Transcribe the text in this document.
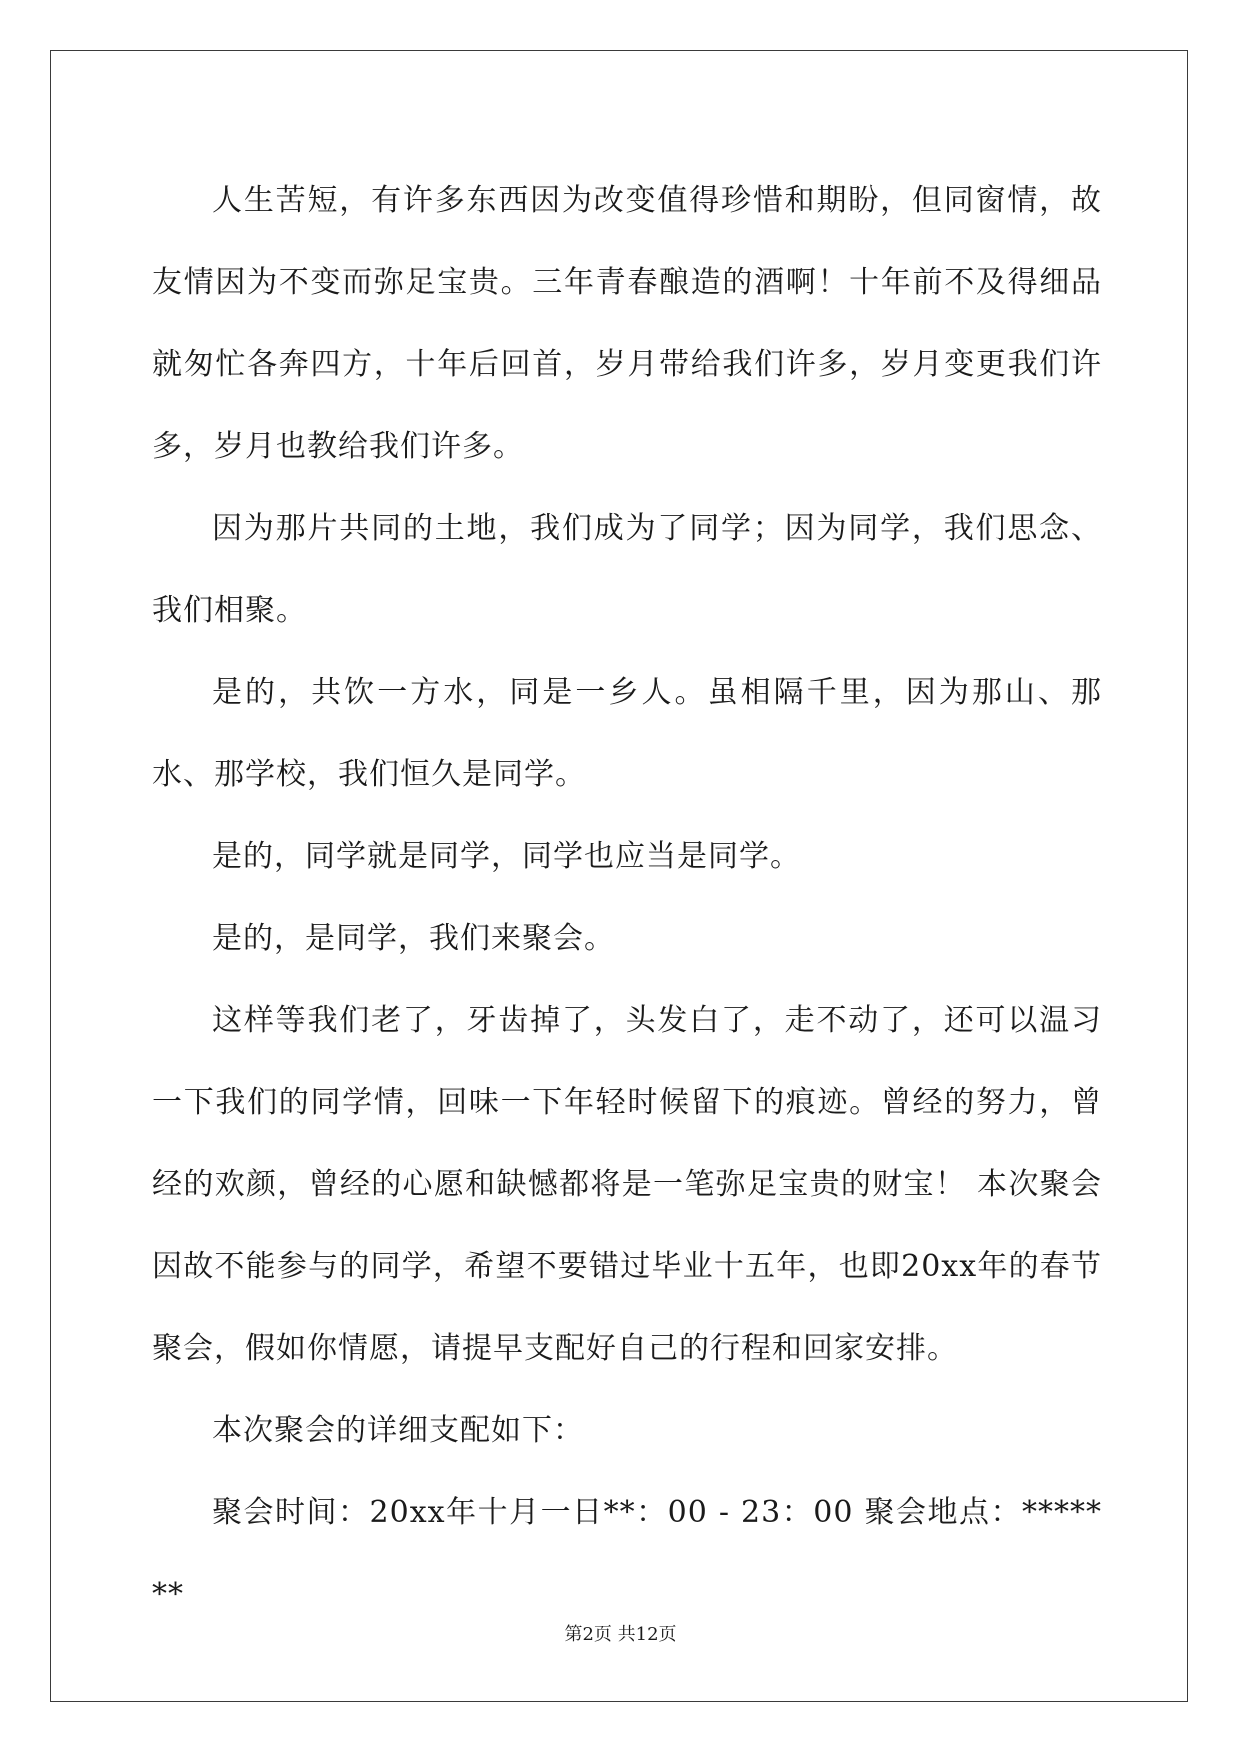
人生苦短，有许多东西因为改变值得珍惜和期盼，但同窗情，故友情因为不变而弥足宝贵。三年青春酿造的酒啊！十年前不及得细品就匆忙各奔四方，十年后回首，岁月带给我们许多，岁月变更我们许多，岁月也教给我们许多。

因为那片共同的土地，我们成为了同学；因为同学，我们思念、我们相聚。

是的，共饮一方水，同是一乡人。虽相隔千里，因为那山、那水、那学校，我们恒久是同学。

是的，同学就是同学，同学也应当是同学。

是的，是同学，我们来聚会。

这样等我们老了，牙齿掉了，头发白了，走不动了，还可以温习一下我们的同学情，回味一下年轻时候留下的痕迹。曾经的努力，曾经的欢颜，曾经的心愿和缺憾都将是一笔弥足宝贵的财宝！ 本次聚会因故不能参与的同学，希望不要错过毕业十五年，也即20xx年的春节聚会，假如你情愿，请提早支配好自己的行程和回家安排。

本次聚会的详细支配如下：

聚会时间：20xx年十月一日**：00 - 23：00 聚会地点：*******

第2页 共12页
